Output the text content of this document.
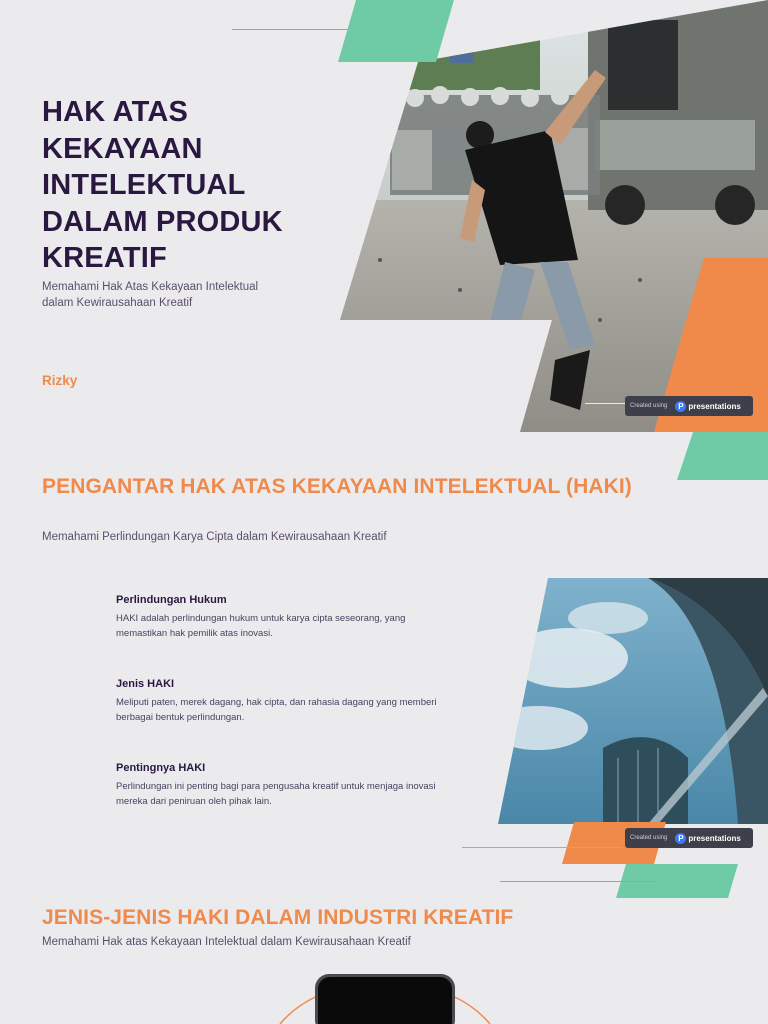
HAK ATAS KEKAYAAN INTELEKTUAL DALAM PRODUK KREATIF
Memahami Hak Atas Kekayaan Intelektual dalam Kewirausahaan Kreatif
Rizky
Created using	P presentations
PENGANTAR HAK ATAS KEKAYAAN INTELEKTUAL (HAKI)
Memahami Perlindungan Karya Cipta dalam Kewirausahaan Kreatif
Perlindungan Hukum
HAKI adalah perlindungan hukum untuk karya cipta seseorang, yang memastikan hak pemilik atas inovasi.
Jenis HAKI
Meliputi paten, merek dagang, hak cipta, dan rahasia dagang yang memberi berbagai bentuk perlindungan.
Pentingnya HAKI
Perlindungan ini penting bagi para pengusaha kreatif untuk menjaga inovasi mereka dari peniruan oleh pihak lain.
Created using	P presentations
JENIS-JENIS HAKI DALAM INDUSTRI KREATIF
Memahami Hak atas Kekayaan Intelektual dalam Kewirausahaan Kreatif
